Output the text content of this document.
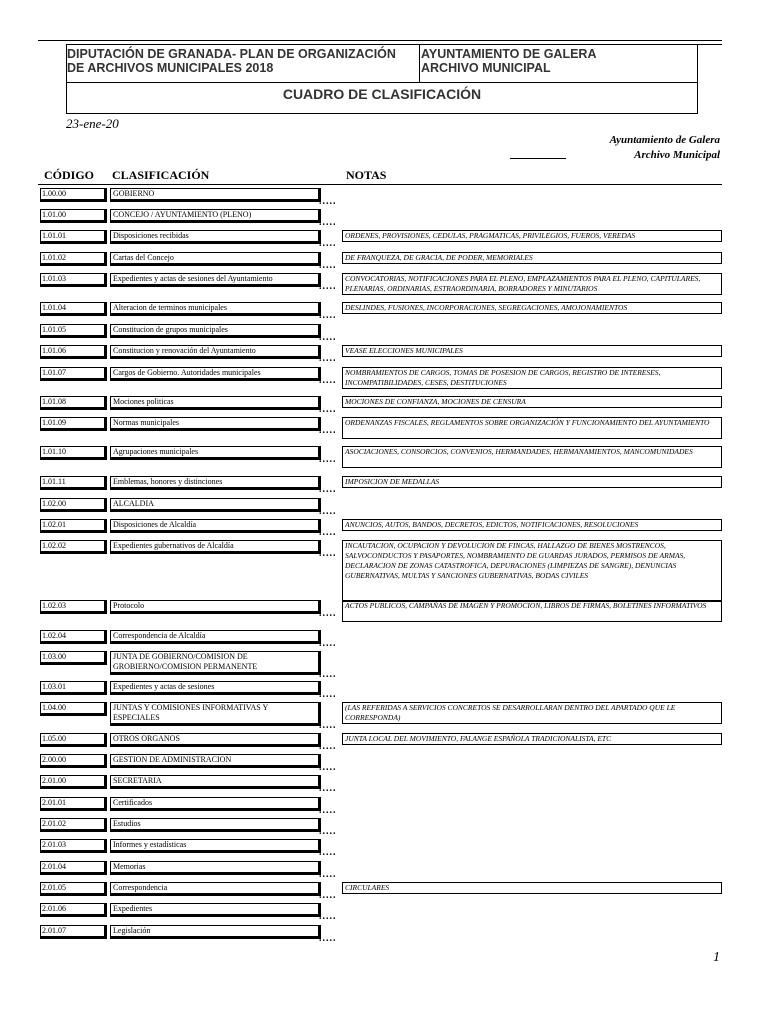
DIPUTACIÓN DE GRANADA- PLAN DE ORGANIZACIÓN
DE ARCHIVOS MUNICIPALES 2018
AYUNTAMIENTO DE GALERA
ARCHIVO MUNICIPAL
CUADRO DE CLASIFICACIÓN
23-ene-20
Ayuntamiento de Galera
Archivo Municipal
CÓDIGO CLASIFICACIÓN	NOTAS
1.00.00	GOBIERNO
.....
1.01.00	CONCEJO / AYUNTAMIENTO (PLENO)
.....
1.01.01	Disposiciones recibidas
.....
ORDENES, PROVISIONES, CEDULAS, PRAGMATICAS, PRIVILEGIOS, FUEROS, VEREDAS
1.01.02	Cartas del Concejo
.....
DE FRANQUEZA, DE GRACIA, DE PODER, MEMORIALES
1.01.03	Expedientes y actas de sesiones del Ayuntamiento
.....
CONVOCATORIAS, NOTIFICACIONES PARA EL PLENO, EMPLAZAMIENTOS PARA EL PLENO, CAPITULARES, PLENARIAS, ORDINARIAS, ESTRAORDINARIA, BORRADORES Y MINUTARIOS
1.01.04	Alteracion de terminos municipales
.....
DESLINDES, FUSIONES, INCORPORACIONES, SEGREGACIONES, AMOJONAMIENTOS
1.01.05	Constitucion de grupos municipales
.....
1.01.06	Constitucion y renovación del Ayuntamiento
.....
VEASE ELECCIONES MUNICIPALES
1.01.07	Cargos de Gobierno. Autoridades municipales
.....
NOMBRAMIENTOS DE CARGOS, TOMAS DE POSESION DE CARGOS, REGISTRO DE INTERESES, INCOMPATIBILIDADES, CESES, DESTITUCIONES
1.01.08	Mociones politicas
.....
MOCIONES DE CONFIANZA, MOCIONES DE CENSURA
1.01.09	Normas municipales
.....
ORDENANZAS FISCALES, REGLAMENTOS SOBRE ORGANIZACIÓN Y FUNCIONAMIENTO DEL AYUNTAMIENTO
1.01.10	Agrupaciones municipales
.....
ASOCIACIONES, CONSORCIOS, CONVENIOS, HERMANDADES, HERMANAMIENTOS, MANCOMUNIDADES
1.01.11	Emblemas, honores y distinciones
.....
IMPOSICION DE MEDALLAS
1.02.00	ALCALDIA
.....
1.02.01	Disposiciones de Alcaldía
.....
ANUNCIOS, AUTOS, BANDOS, DECRETOS, EDICTOS, NOTIFICACIONES, RESOLUCIONES
1.02.02	Expedientes gubernativos de Alcaldía
.....
INCAUTACION, OCUPACION Y DEVOLUCION DE FINCAS, HALLAZGO DE BIENES MOSTRENCOS, SALVOCONDUCTOS Y PASAPORTES, NOMBRAMIENTO DE GUARDAS JURADOS, PERMISOS DE ARMAS, DECLARACION DE ZONAS CATASTROFICA, DEPURACIONES (LIMPIEZAS DE SANGRE), DENUNCIAS GUBERNATIVAS, MULTAS Y SANCIONES GUBERNATIVAS, BODAS CIVILES
1.02.03	Protocolo
.....
ACTOS PUBLICOS, CAMPAÑAS DE IMAGEN Y PROMOCION, LIBROS DE FIRMAS, BOLETINES INFORMATIVOS
1.02.04	Correspondencia de Alcaldía
.....
1.03.00	JUNTA DE GOBIERNO/COMISION DE GROBIERNO/COMISION PERMANENTE
.....
1.03.01	Expedientes y actas de sesiones
.....
1.04.00	JUNTAS Y COMISIONES INFORMATIVAS Y ESPECIALES
.....
(LAS REFERIDAS A SERVICIOS CONCRETOS SE DESARROLLARAN DENTRO DEL APARTADO QUE LE CORRESPONDA)
1.05.00	OTROS ORGANOS
.....
JUNTA LOCAL DEL MOVIMIENTO, FALANGE ESPAÑOLA TRADICIONALISTA, ETC
2.00.00	GESTION DE ADMINISTRACION
.....
2.01.00	SECRETARIA
.....
2.01.01	Certificados
.....
2.01.02	Estudios
.....
2.01.03	Informes y estadísticas
.....
2.01.04	Memorias
.....
2.01.05	Correspondencia
.....
CIRCULARES
2.01.06	Expedientes
.....
2.01.07	Legislación
.....
1
